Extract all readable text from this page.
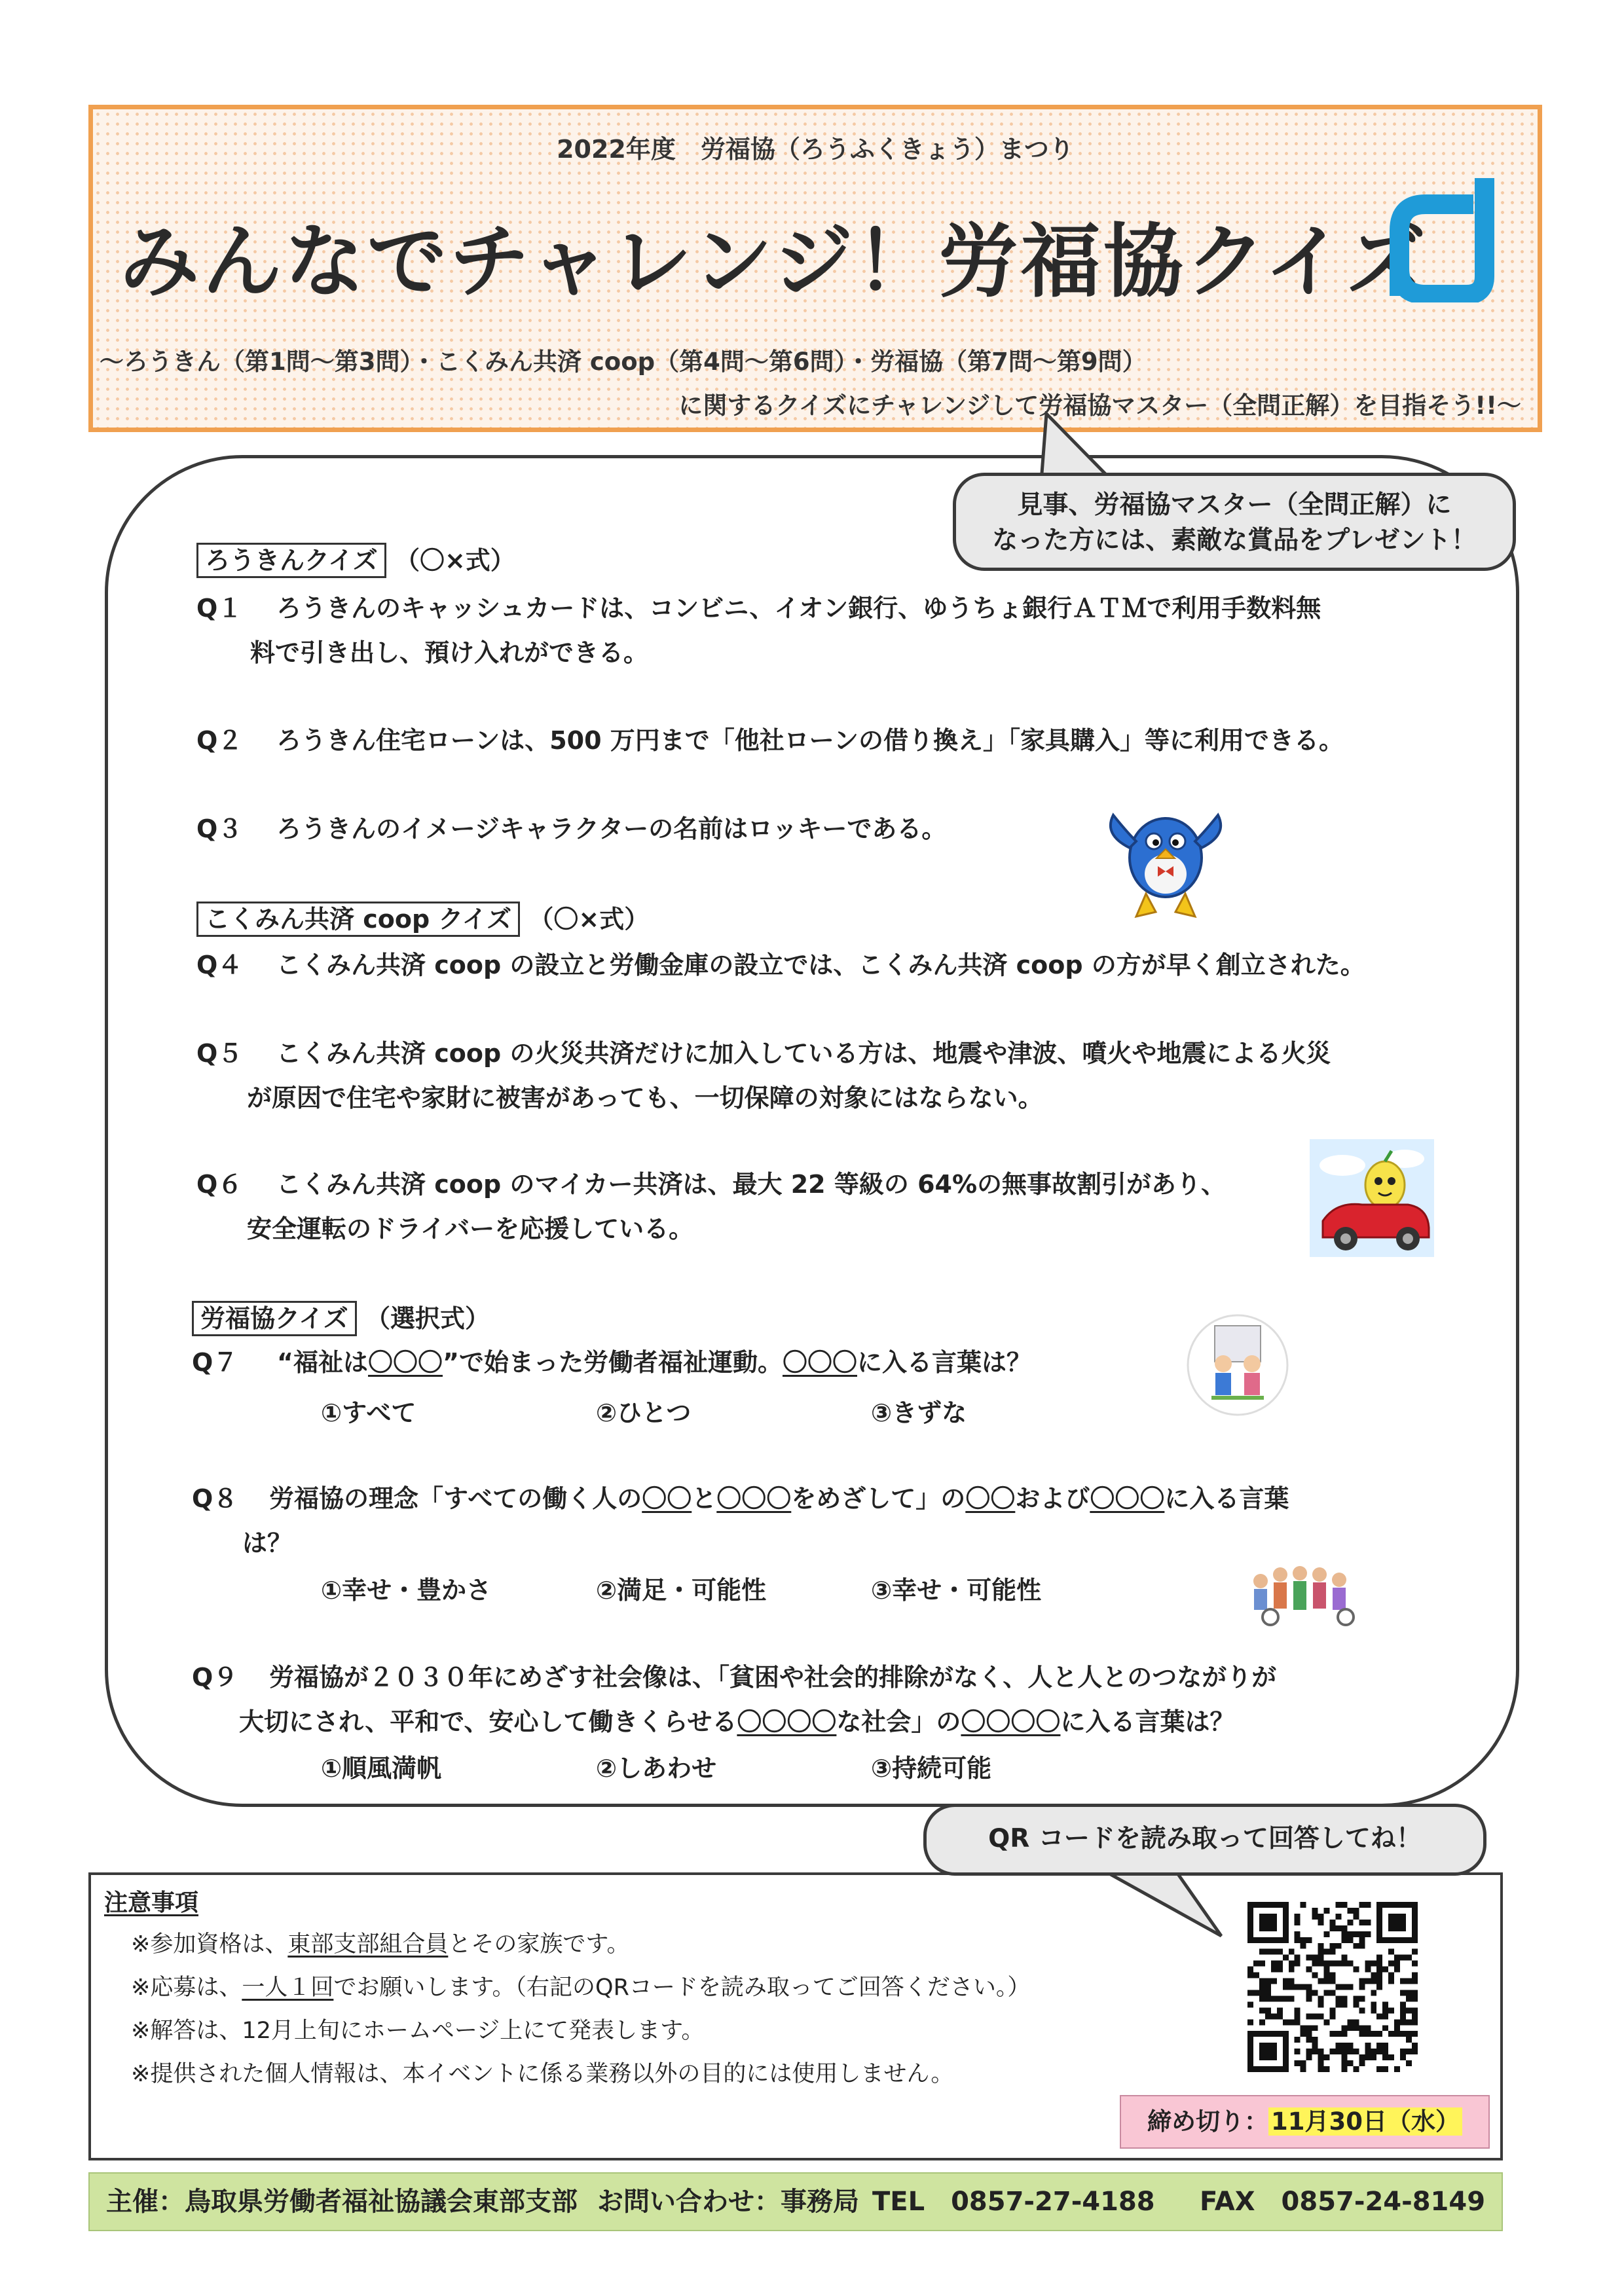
2022年度　労福協（ろうふくきょう）まつり
みんなでチャレンジ！労福協クイズ
～ろうきん（第1問～第3問）・こくみん共済 coop（第4問～第6問）・労福協（第7問～第9問）
に関するクイズにチャレンジして労福協マスター（全問正解）を目指そう!!～
見事、労福協マスター（全問正解）に
なった方には、素敵な賞品をプレゼント！
ろうきんクイズ （〇×式）
Q１ ろうきんのキャッシュカードは、コンビニ、イオン銀行、ゆうちょ銀行ＡＴＭで利用手数料無
料で引き出し、預け入れができる。
Q２ ろうきん住宅ローンは、500 万円まで「他社ローンの借り換え」「家具購入」等に利用できる。
Q３ ろうきんのイメージキャラクターの名前はロッキーである。
こくみん共済 coop クイズ （〇×式）
Q４ こくみん共済 coop の設立と労働金庫の設立では、こくみん共済 coop の方が早く創立された。
Q５ こくみん共済 coop の火災共済だけに加入している方は、地震や津波、噴火や地震による火災
が原因で住宅や家財に被害があっても、一切保障の対象にはならない。
Q６ こくみん共済 coop のマイカー共済は、最大 22 等級の 64%の無事故割引があり、
安全運転のドライバーを応援している。
労福協クイズ （選択式）
Q７ “福祉は〇〇〇”で始まった労働者福祉運動。〇〇〇に入る言葉は？
①すべて	②ひとつ	③きずな
Q８ 労福協の理念「すべての働く人の〇〇と〇〇〇をめざして」の〇〇および〇〇〇に入る言葉
は？
①幸せ・豊かさ	②満足・可能性	③幸せ・可能性
Q９ 労福協が２０３０年にめざす社会像は、「貧困や社会的排除がなく、人と人とのつながりが
大切にされ、平和で、安心して働きくらせる〇〇〇〇な社会」の〇〇〇〇に入る言葉は？
①順風満帆	②しあわせ	③持続可能
注意事項
※参加資格は、東部支部組合員とその家族です。
※応募は、一人１回でお願いします。（右記のQRコードを読み取ってご回答ください。）
※解答は、12月上旬にホームページ上にて発表します。
※提供された個人情報は、本イベントに係る業務以外の目的には使用しません。
QR コードを読み取って回答してね！
締め切り： 11月30日（水）
主催：鳥取県労働者福祉協議会東部支部 お問い合わせ：事務局 TEL　0857-27-4188 FAX　0857-24-8149
